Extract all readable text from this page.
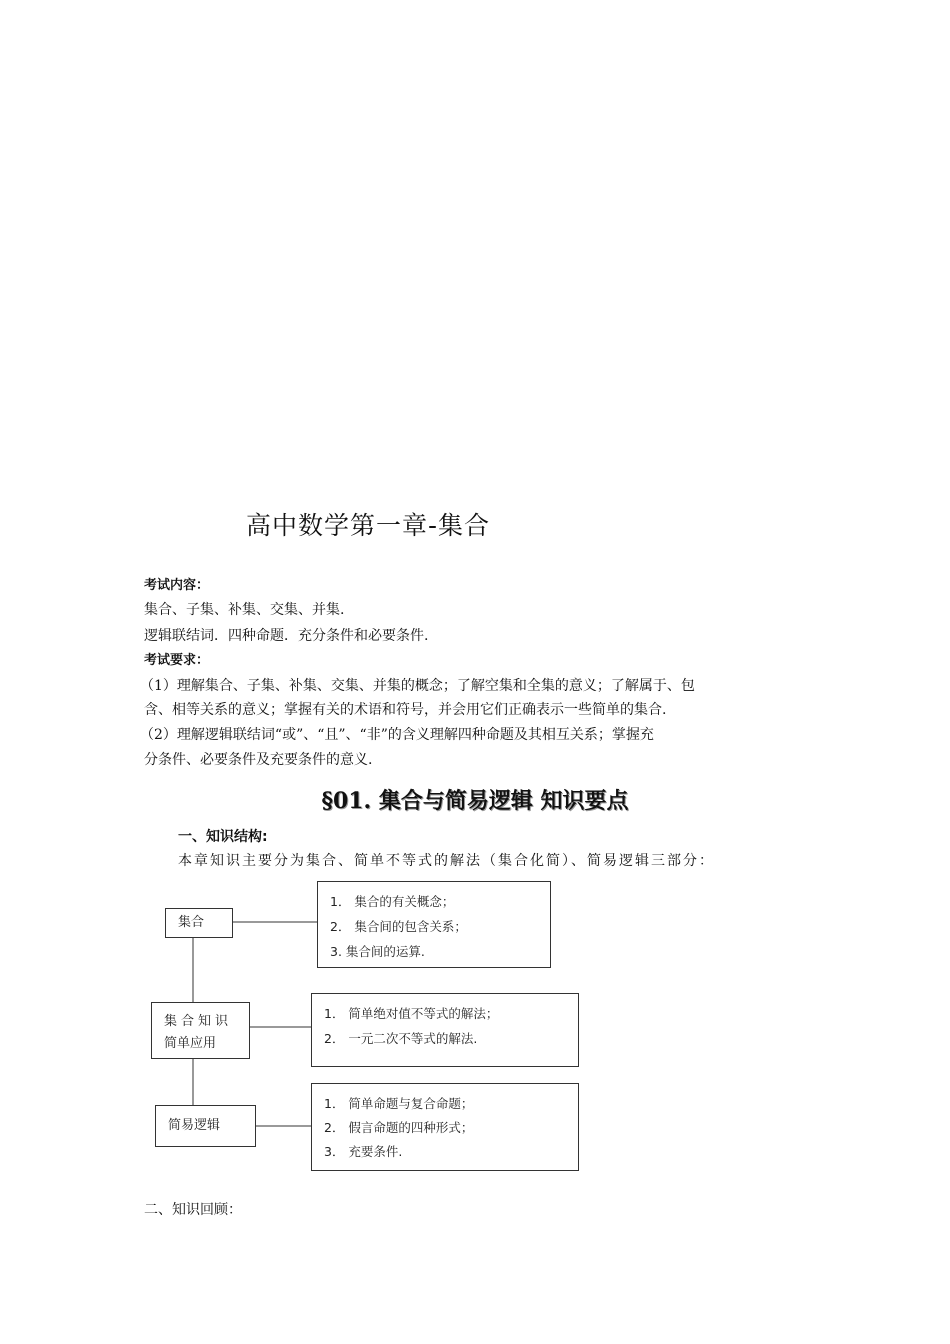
高中数学第一章-集合
考试内容：
集合、子集、补集、交集、并集.
逻辑联结词．四种命题．充分条件和必要条件.
考试要求：
（1）理解集合、子集、补集、交集、并集的概念；了解空集和全集的意义；了解属于、包
含、相等关系的意义；掌握有关的术语和符号，并会用它们正确表示一些简单的集合.
（2）理解逻辑联结词“或”、“且”、“非”的含义理解四种命题及其相互关系；掌握充
分条件、必要条件及充要条件的意义.
§01. 集合与简易逻辑 知识要点
一、知识结构:
本章知识主要分为集合、简单不等式的解法（集合化简）、简易逻辑三部分：
集合
集合知识
简单应用
简易逻辑
1． 集合的有关概念；
2． 集合间的包含关系；
3. 集合间的运算.
1． 简单绝对值不等式的解法；
2． 一元二次不等式的解法.
1． 简单命题与复合命题；
2． 假言命题的四种形式；
3． 充要条件.
二、知识回顾：
